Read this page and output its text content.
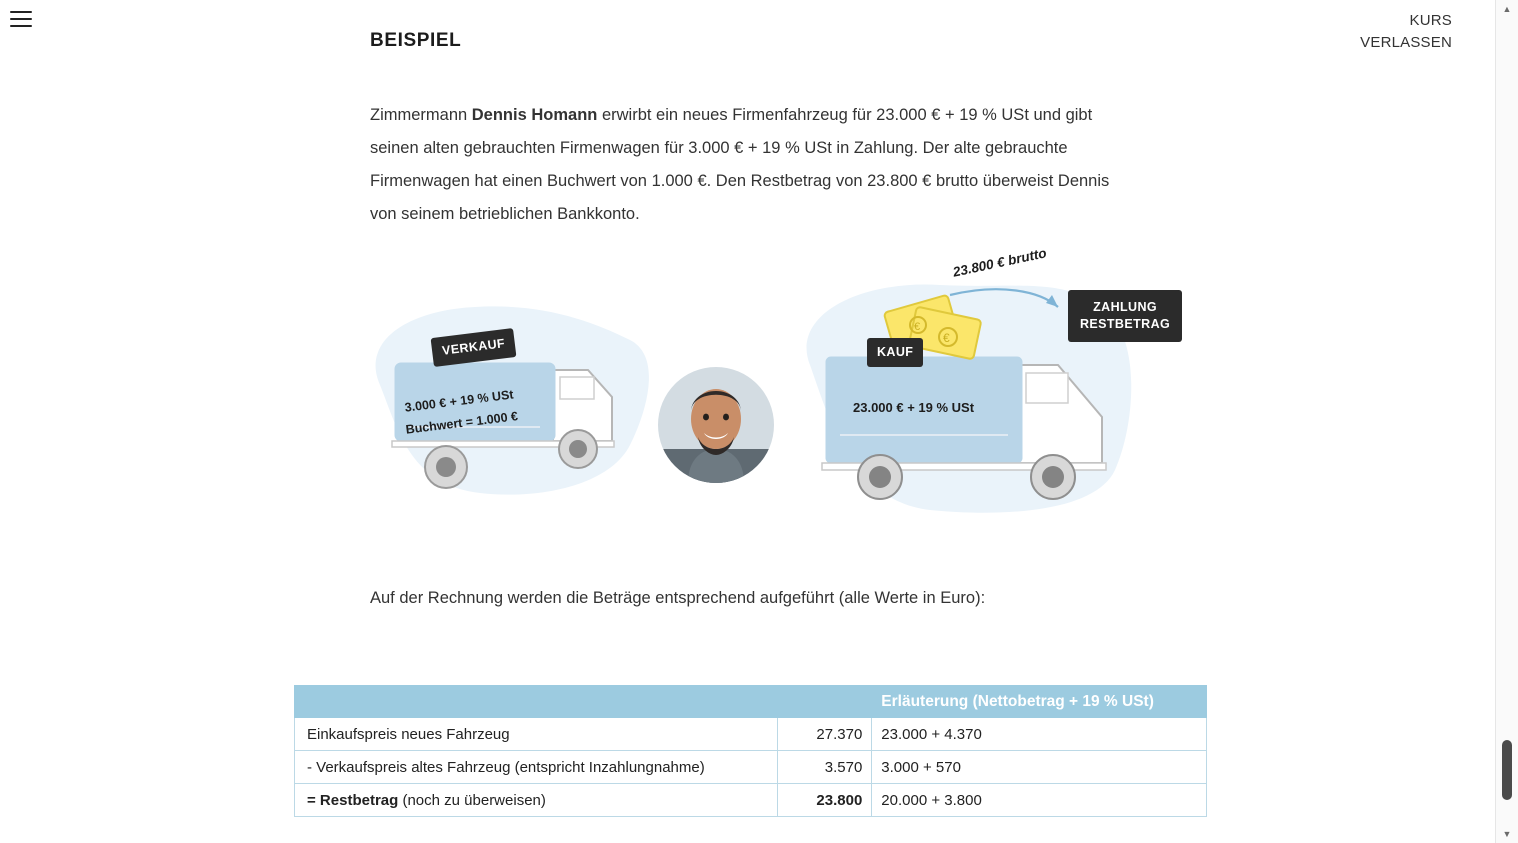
KURS
VERLASSEN
BEISPIEL
Zimmermann Dennis Homann erwirbt ein neues Firmenfahrzeug für 23.000 € + 19 % USt und gibt seinen alten gebrauchten Firmenwagen für 3.000 € + 19 % USt in Zahlung. Der alte gebrauchte Firmenwagen hat einen Buchwert von 1.000 €. Den Restbetrag von 23.800 € brutto überweist Dennis von seinem betrieblichen Bankkonto.
€
€
VERKAUF	KAUF
ZAHLUNG
RESTBETRAG
3.000 € + 19 % USt
Buchwert = 1.000 €
23.000 € + 19 % USt
23.800 € brutto
Auf der Rechnung werden die Beträge entsprechend aufgeführt (alle Werte in Euro):
		Erläuterung (Nettobetrag + 19 % USt)
Einkaufspreis neues Fahrzeug	27.370	23.000 + 4.370
- Verkaufspreis altes Fahrzeug (entspricht Inzahlungnahme)	3.570	3.000 + 570
= Restbetrag (noch zu überweisen)	23.800	20.000 + 3.800
▲
▼
